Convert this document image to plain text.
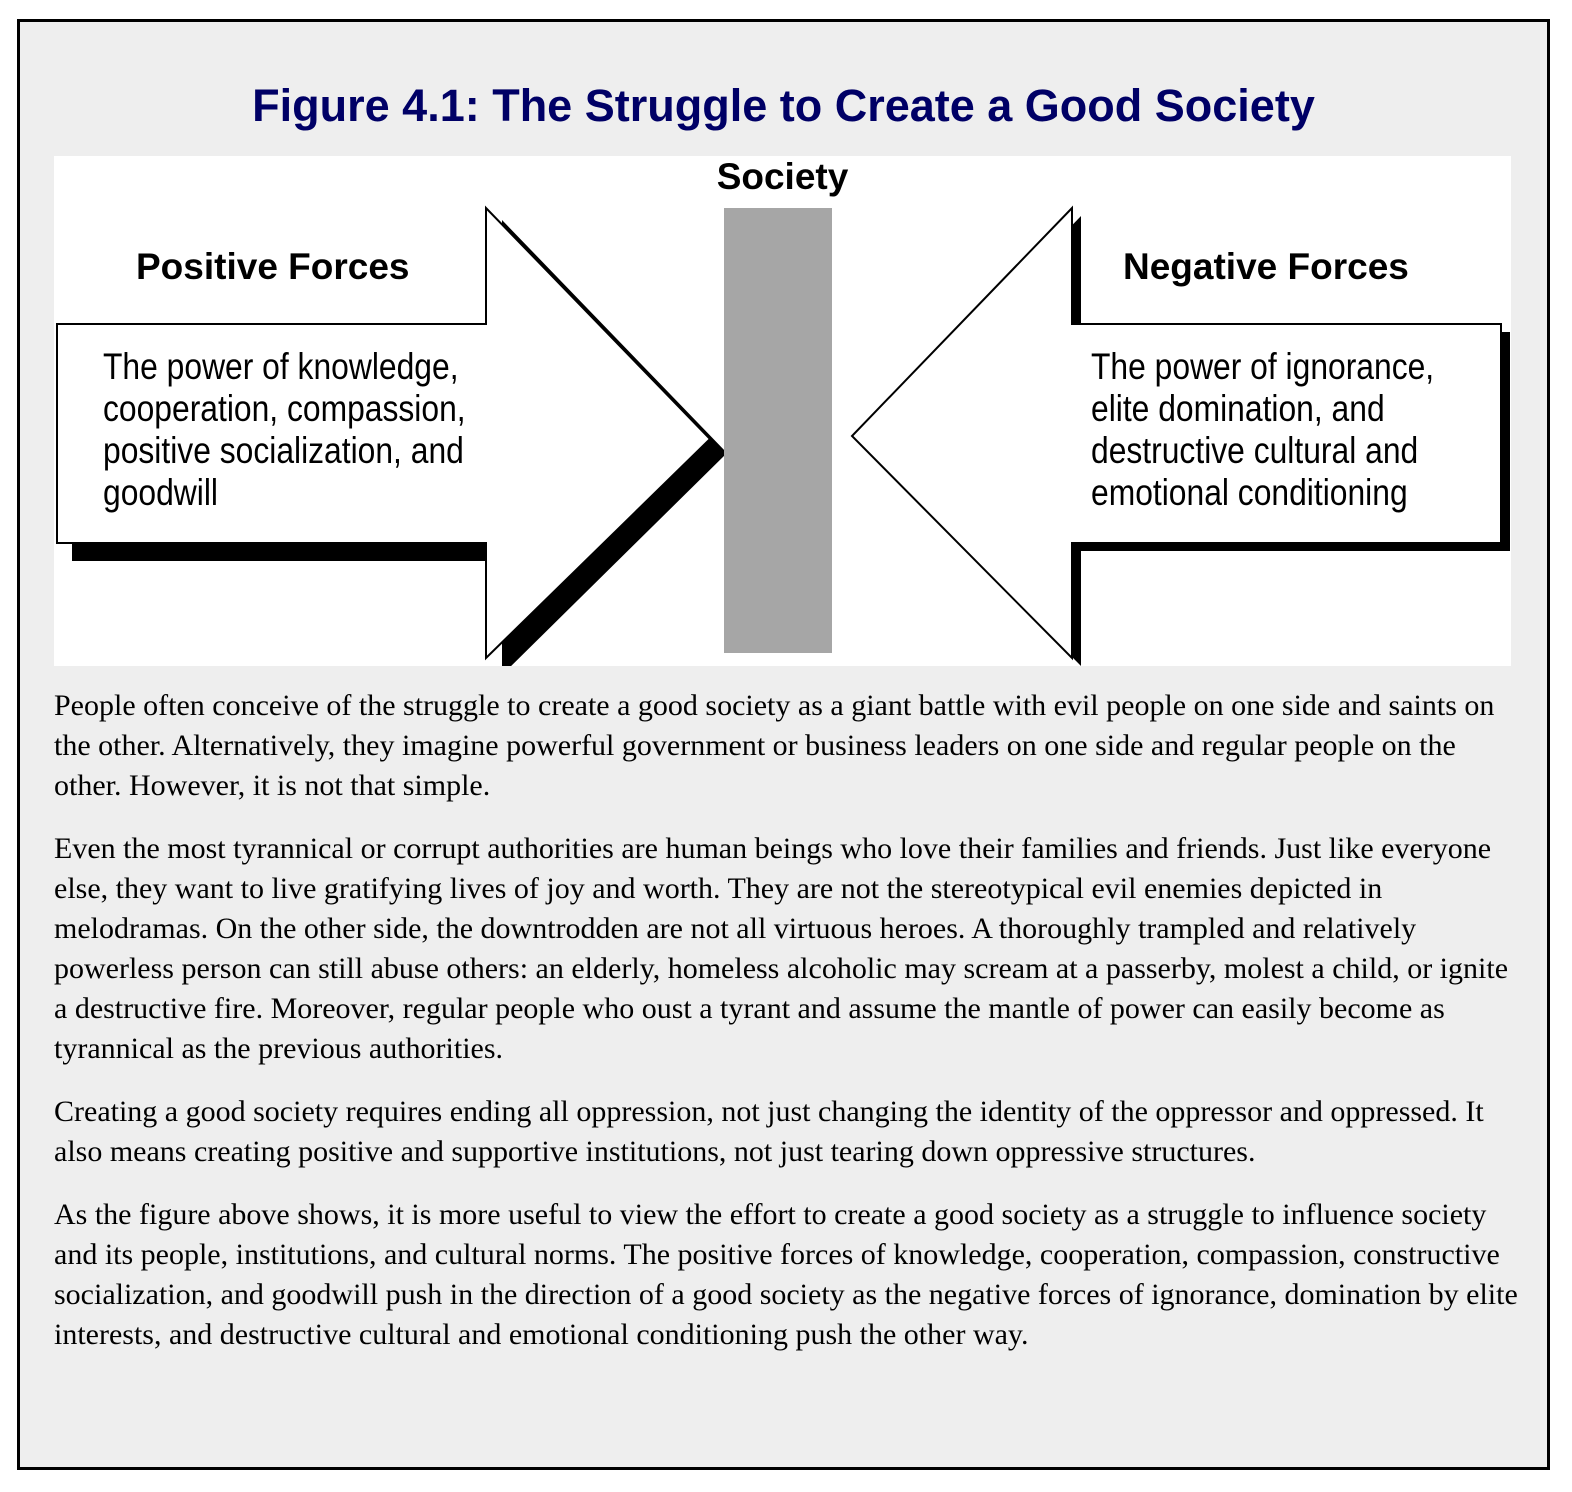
Figure 4.1: The Struggle to Create a Good Society
Society
Positive Forces	Negative Forces
The power of knowledge,
cooperation, compassion,
positive socialization, and
goodwill
The power of ignorance,
elite domination, and
destructive cultural and
emotional conditioning

People often conceive of the struggle to create a good society as a giant battle with evil people on one side and saints on the other. Alternatively, they imagine powerful government or business leaders on one side and regular people on the other. However, it is not that simple.

Even the most tyrannical or corrupt authorities are human beings who love their families and friends. Just like everyone else, they want to live gratifying lives of joy and worth. They are not the stereotypical evil enemies depicted in melodramas. On the other side, the downtrodden are not all virtuous heroes. A thoroughly trampled and relatively powerless person can still abuse others: an elderly, homeless alcoholic may scream at a passerby, molest a child, or ignite a destructive fire. Moreover, regular people who oust a tyrant and assume the mantle of power can easily become as tyrannical as the previous authorities.

Creating a good society requires ending all oppression, not just changing the identity of the oppressor and oppressed. It also means creating positive and supportive institutions, not just tearing down oppressive structures.

As the figure above shows, it is more useful to view the effort to create a good society as a struggle to influence society and its people, institutions, and cultural norms. The positive forces of knowledge, cooperation, compassion, constructive socialization, and goodwill push in the direction of a good society as the negative forces of ignorance, domination by elite interests, and destructive cultural and emotional conditioning push the other way.
